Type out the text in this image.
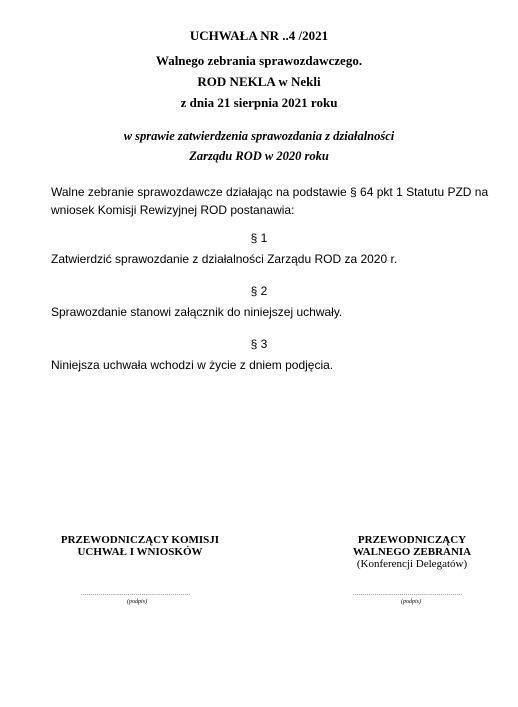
UCHWAŁA NR ..4 /2021
Walnego zebrania sprawozdawczego.
ROD NEKLA w Nekli
z dnia 21 sierpnia 2021 roku
w sprawie zatwierdzenia sprawozdania z działalności
Zarządu ROD w 2020 roku
Walne zebranie sprawozdawcze działając na podstawie § 64 pkt 1 Statutu PZD na
wniosek Komisji Rewizyjnej ROD postanawia:
§ 1
Zatwierdzić sprawozdanie z działalności Zarządu ROD za 2020 r.
§ 2
Sprawozdanie stanowi załącznik do niniejszej uchwały.
§ 3
Niniejsza uchwała wchodzi w życie z dniem podjęcia.
PRZEWODNICZĄCY KOMISJI
UCHWAŁ I WNIOSKÓW
........................................................
(podpis)
PRZEWODNICZĄCY
WALNEGO ZEBRANIA
(Konferencji Delegatów)
........................................................
(podpis)
